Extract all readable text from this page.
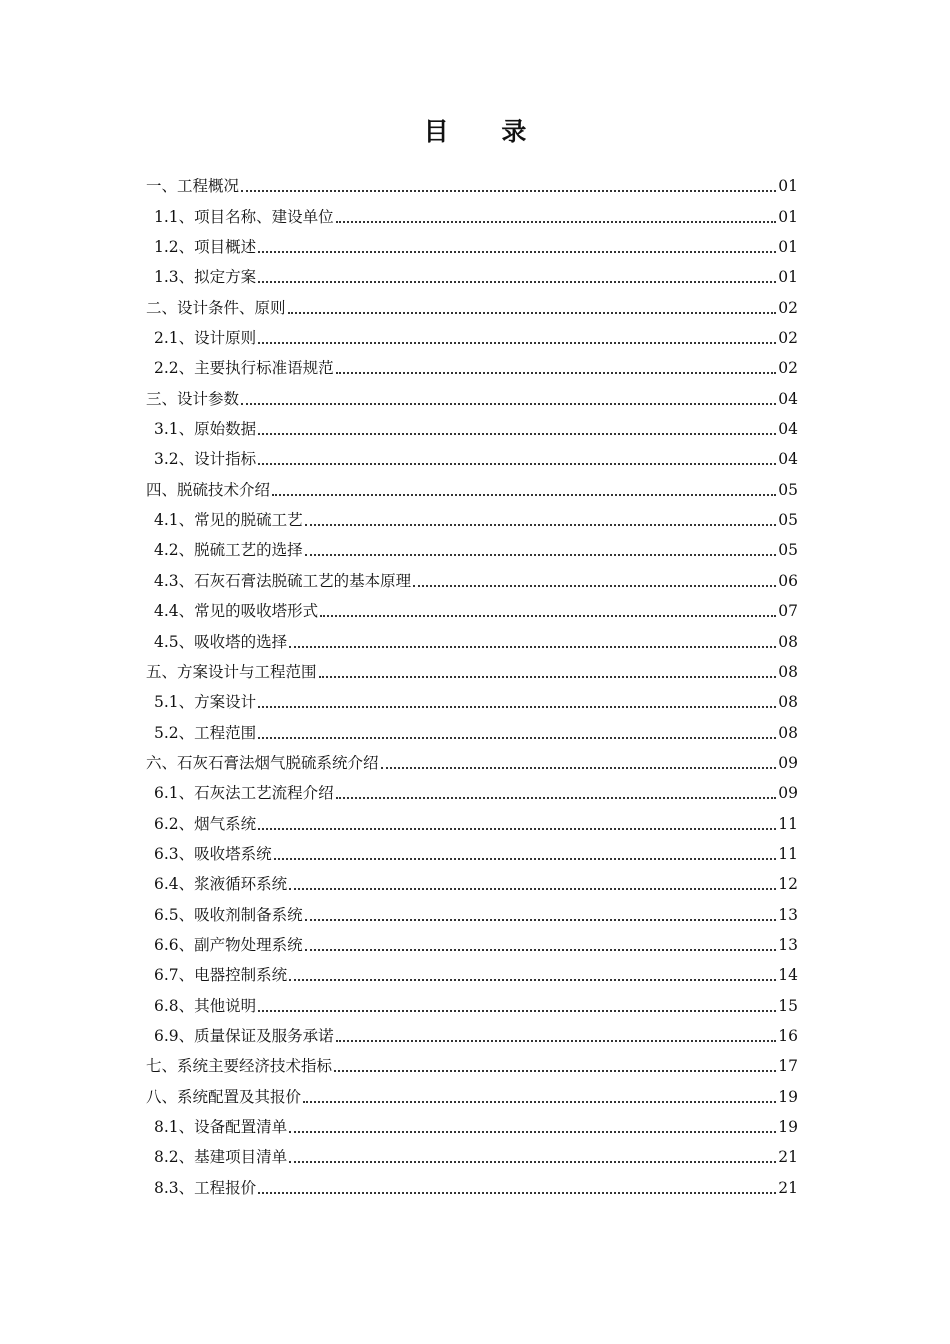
目 录
一、工程概况	01
1.1、项目名称、建设单位	01
1.2、项目概述	01
1.3、拟定方案	01
二、设计条件、原则	02
2.1、设计原则	02
2.2、主要执行标准语规范	02
三、设计参数	04
3.1、原始数据	04
3.2、设计指标	04
四、脱硫技术介绍	05
4.1、常见的脱硫工艺	05
4.2、脱硫工艺的选择	05
4.3、石灰石膏法脱硫工艺的基本原理	06
4.4、常见的吸收塔形式	07
4.5、吸收塔的选择	08
五、方案设计与工程范围	08
5.1、方案设计	08
5.2、工程范围	08
六、石灰石膏法烟气脱硫系统介绍	09
6.1、石灰法工艺流程介绍	09
6.2、烟气系统	11
6.3、吸收塔系统	11
6.4、浆液循环系统	12
6.5、吸收剂制备系统	13
6.6、副产物处理系统	13
6.7、电器控制系统	14
6.8、其他说明	15
6.9、质量保证及服务承诺	16
七、系统主要经济技术指标	17
八、系统配置及其报价	19
8.1、设备配置清单	19
8.2、基建项目清单	21
8.3、工程报价	21
